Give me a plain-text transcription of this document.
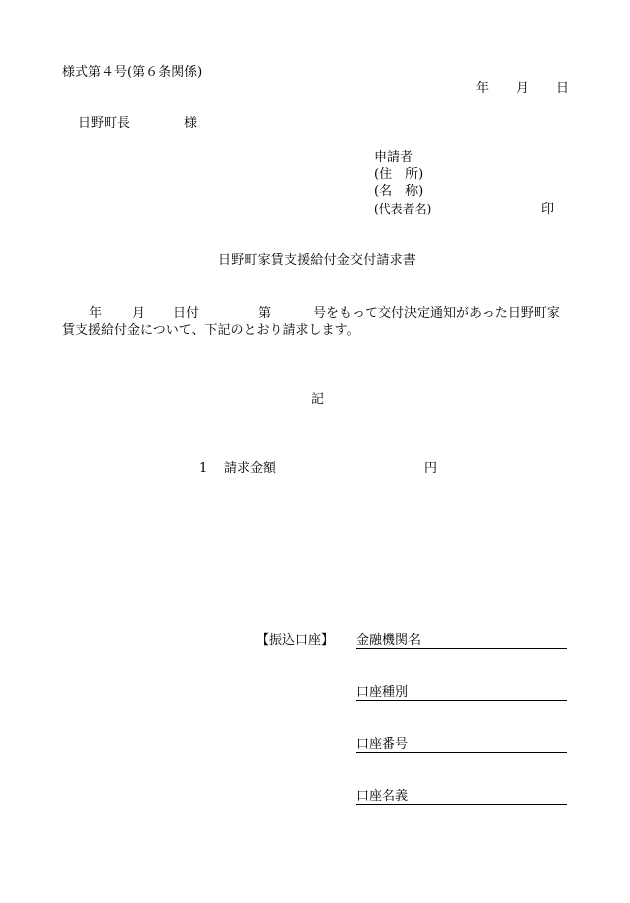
様式第４号(第６条関係)
年 月 日
日野町長	様
申請者
(住　所)
(名　称)
(代表者名)	印
日野町家賃支援給付金交付請求書
年 月 日付	第	号をもって交付決定通知があった日野町家
賃支援給付金について、下記のとおり請求します。
記
1 請求金額	円
【振込口座】 金融機関名
口座種別
口座番号
口座名義
